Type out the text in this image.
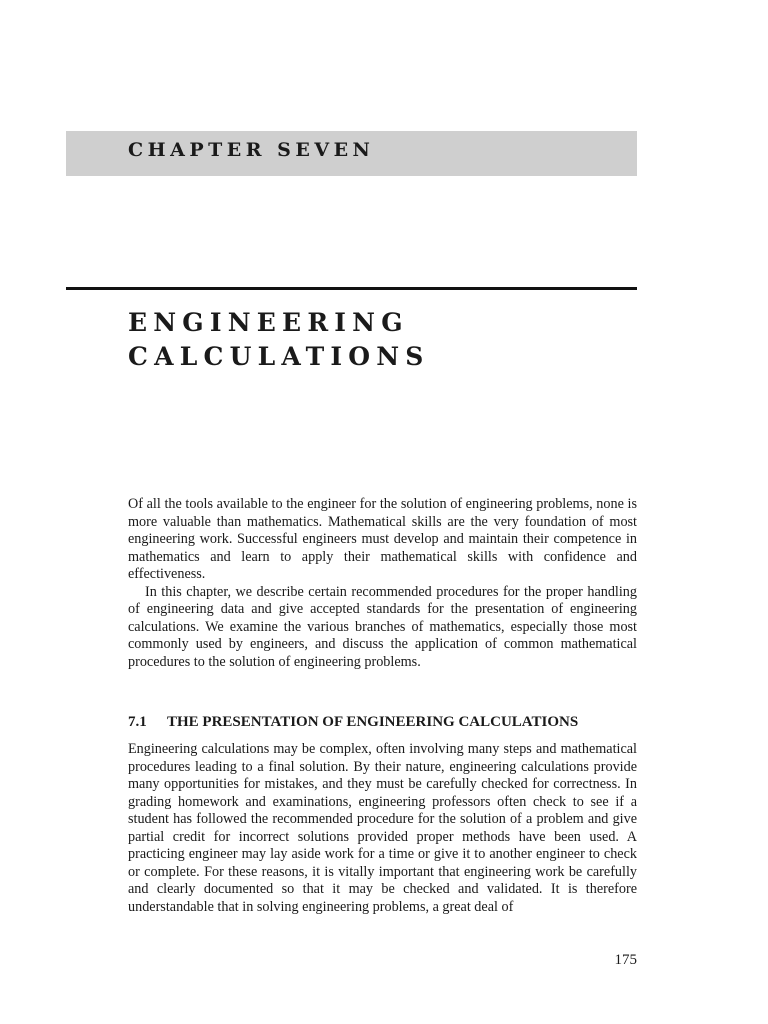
CHAPTER SEVEN
ENGINEERING
CALCULATIONS

Of all the tools available to the engineer for the solution of engineering problems, none is more valuable than mathematics. Mathematical skills are the very foundation of most engineering work. Successful engineers must develop and maintain their competence in mathematics and learn to apply their mathematical skills with confidence and effectiveness.

In this chapter, we describe certain recommended procedures for the proper handling of engineering data and give accepted standards for the presentation of engineering calculations. We examine the various branches of mathematics, especially those most commonly used by engineers, and discuss the application of common mathematical procedures to the solution of engineering problems.

7.1 THE PRESENTATION OF ENGINEERING CALCULATIONS

Engineering calculations may be complex, often involving many steps and mathematical procedures leading to a final solution. By their nature, engineering calculations provide many opportunities for mistakes, and they must be carefully checked for correctness. In grading homework and examinations, engineering professors often check to see if a student has followed the recommended procedure for the solution of a problem and give partial credit for incorrect solutions provided proper methods have been used. A practicing engineer may lay aside work for a time or give it to another engineer to check or complete. For these reasons, it is vitally important that engineering work be carefully and clearly documented so that it may be checked and validated. It is therefore understandable that in solving engineering problems, a great deal of

175
